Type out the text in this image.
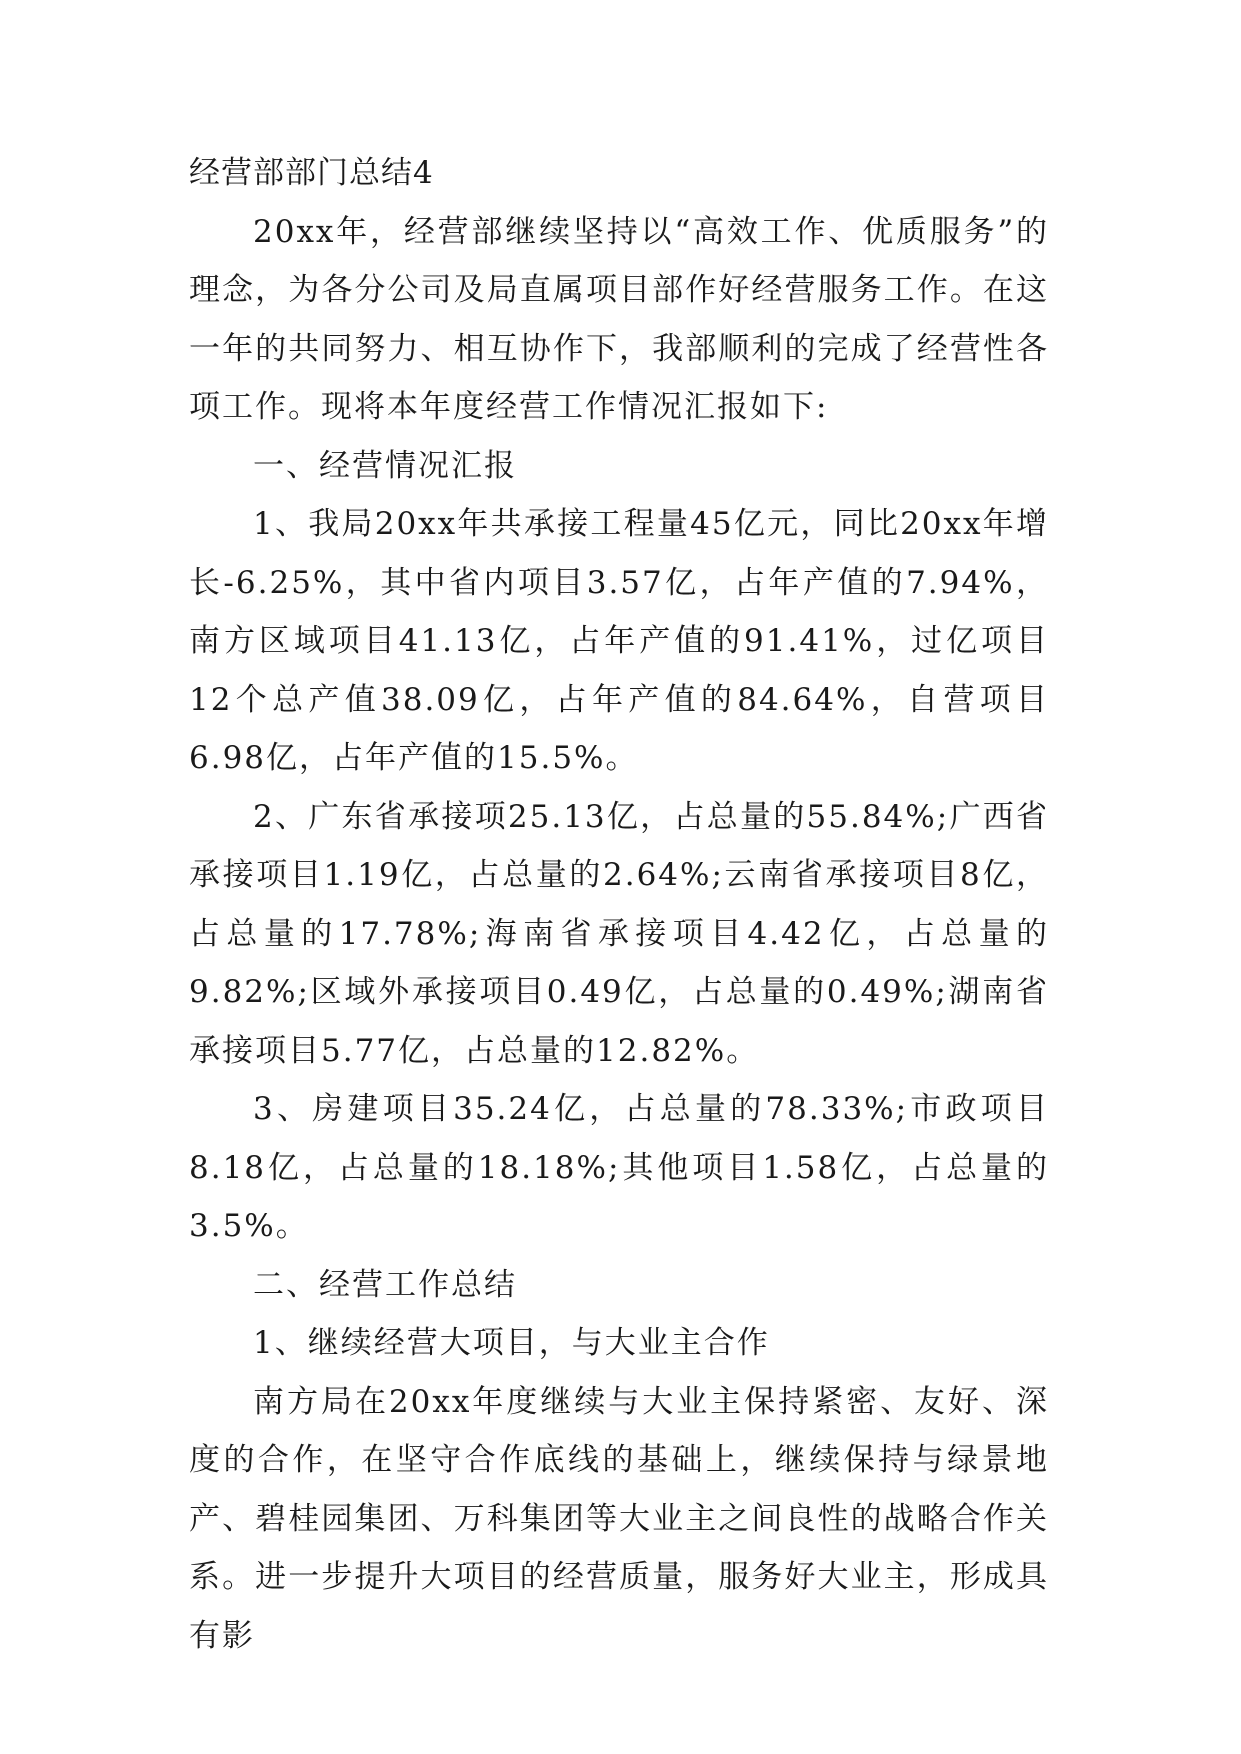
经营部部门总结4

20xx年，经营部继续坚持以“高效工作、优质服务”的理念，为各分公司及局直属项目部作好经营服务工作。在这一年的共同努力、相互协作下，我部顺利的完成了经营性各项工作。现将本年度经营工作情况汇报如下:

一、经营情况汇报

1、我局20xx年共承接工程量45亿元，同比20xx年增长-6.25%，其中省内项目3.57亿，占年产值的7.94%，南方区域项目41.13亿，占年产值的91.41%，过亿项目12个总产值38.09亿，占年产值的84.64%，自营项目6.98亿，占年产值的15.5%。

2、广东省承接项25.13亿，占总量的55.84%;广西省承接项目1.19亿，占总量的2.64%;云南省承接项目8亿，占总量的17.78%;海南省承接项目4.42亿，占总量的9.82%;区域外承接项目0.49亿，占总量的0.49%;湖南省承接项目5.77亿，占总量的12.82%。

3、房建项目35.24亿，占总量的78.33%;市政项目8.18亿，占总量的18.18%;其他项目1.58亿，占总量的3.5%。

二、经营工作总结

1、继续经营大项目，与大业主合作

南方局在20xx年度继续与大业主保持紧密、友好、深度的合作，在坚守合作底线的基础上，继续保持与绿景地产、碧桂园集团、万科集团等大业主之间良性的战略合作关系。进一步提升大项目的经营质量，服务好大业主，形成具有影
